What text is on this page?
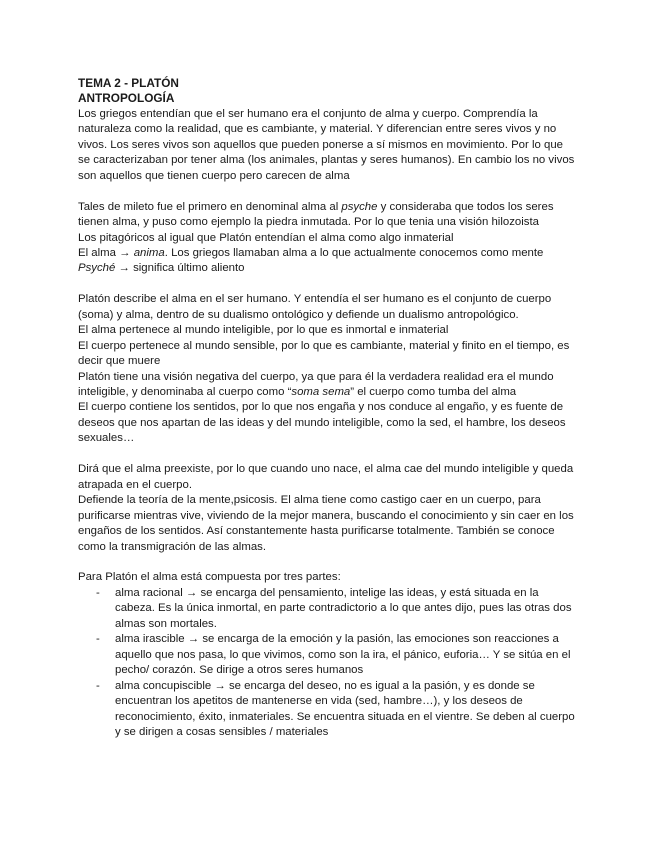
TEMA 2 - PLATÓN

ANTROPOLOGÍA

Los griegos entendían que el ser humano era el conjunto de alma y cuerpo. Comprendía la naturaleza como la realidad, que es cambiante, y material. Y diferencian entre seres vivos y no vivos. Los seres vivos son aquellos que pueden ponerse a sí mismos en movimiento. Por lo que se caracterizaban por tener alma (los animales, plantas y seres humanos). En cambio los no vivos son aquellos que tienen cuerpo pero carecen de alma

Tales de mileto fue el primero en denominal alma al psyche y consideraba que todos los seres tienen alma, y puso como ejemplo la piedra inmutada. Por lo que tenia una visión hilozoista

Los pitagóricos al igual que Platón entendían el alma como algo inmaterial

El alma → anima. Los griegos llamaban alma a lo que actualmente conocemos como mente

Psyché → significa último aliento

Platón describe el alma en el ser humano. Y entendía el ser humano es el conjunto de cuerpo (soma) y alma, dentro de su dualismo ontológico y defiende un dualismo antropológico.

El alma pertenece al mundo inteligible, por lo que es inmortal e inmaterial

El cuerpo pertenece al mundo sensible, por lo que es cambiante, material y finito en el tiempo, es decir que muere

Platón tiene una visión negativa del cuerpo, ya que para él la verdadera realidad era el mundo inteligible, y denominaba al cuerpo como “soma sema” el cuerpo como tumba del alma

El cuerpo contiene los sentidos, por lo que nos engaña y nos conduce al engaño, y es fuente de deseos que nos apartan de las ideas y del mundo inteligible, como la sed, el hambre, los deseos sexuales…

Dirá que el alma preexiste, por lo que cuando uno nace, el alma cae del mundo inteligible y queda atrapada en el cuerpo.

Defiende la teoría de la mente,psicosis. El alma tiene como castigo caer en un cuerpo, para purificarse mientras vive, viviendo de la mejor manera, buscando el conocimiento y sin caer en los engaños de los sentidos. Así constantemente hasta purificarse totalmente. También se conoce como la transmigración de las almas.

Para Platón el alma está compuesta por tres partes:

- alma racional → se encarga del pensamiento, intelige las ideas, y está situada en la cabeza. Es la única inmortal, en parte contradictorio a lo que antes dijo, pues las otras dos almas son mortales.
- alma irascible → se encarga de la emoción y la pasión, las emociones son reacciones a aquello que nos pasa, lo que vivimos, como son la ira, el pánico, euforia… Y se sitúa en el pecho/ corazón. Se dirige a otros seres humanos
- alma concupiscible → se encarga del deseo, no es igual a la pasión, y es donde se encuentran los apetitos de mantenerse en vida (sed, hambre…), y los deseos de reconocimiento, éxito, inmateriales. Se encuentra situada en el vientre. Se deben al cuerpo y se dirigen a cosas sensibles / materiales
